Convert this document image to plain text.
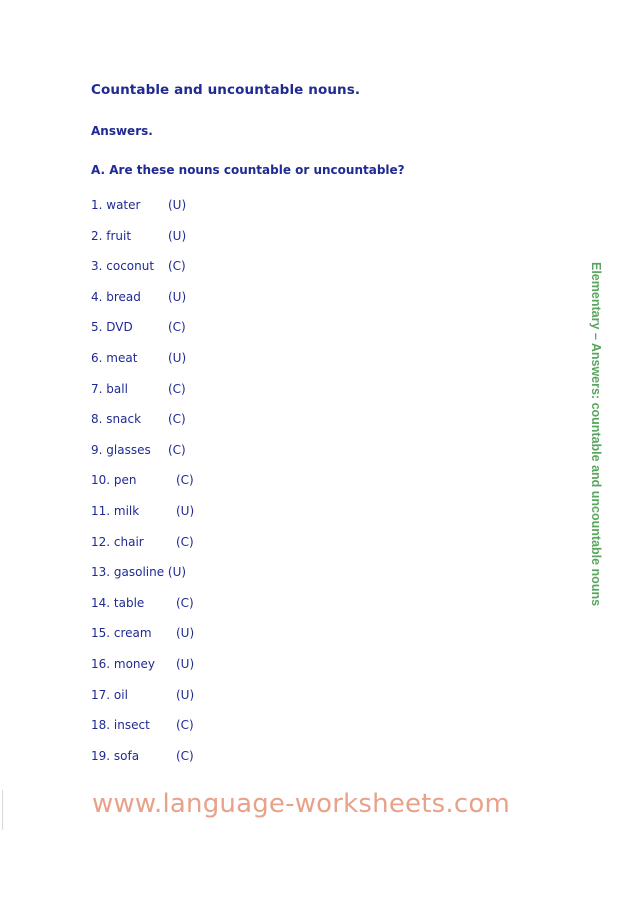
Countable and uncountable nouns.
Answers.
A. Are these nouns countable or uncountable?
1. water (U)
2. fruit	(U)
3. coconut (C)
4. bread (U)
5. DVD	(C)
6. meat	(U)
7. ball	(C)
8. snack (C)
9. glasses (C)
10. pen	(C)
11. milk	(U)
12. chair	(C)
13. gasoline (U)
14. table	(C)
15. cream (U)
16. money (U)
17. oil	(U)
18. insect (C)
19. sofa	(C)
Elementary – Answers: countable and uncountable nouns
www.language-worksheets.com
